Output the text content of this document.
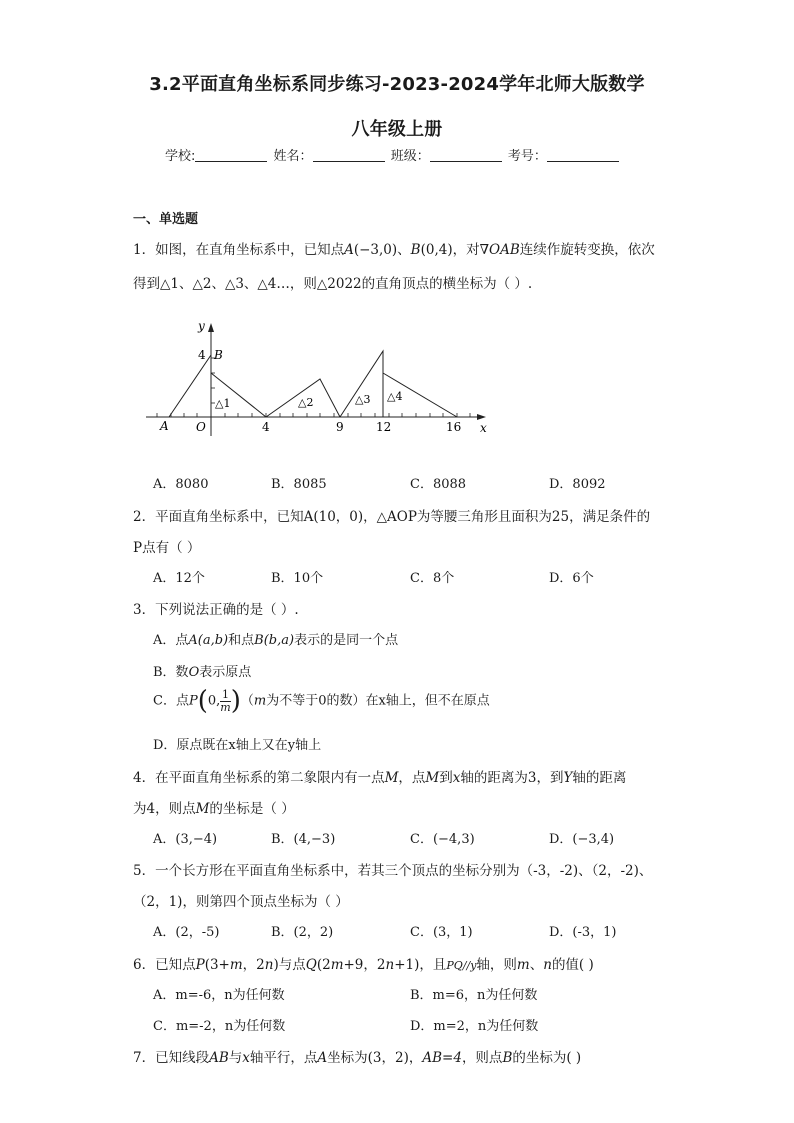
3.2平面直角坐标系同步练习-2023-2024学年北师大版数学
八年级上册
学校:	姓名：	班级：	考号：
一、单选题
1．如图，在直角坐标系中，已知点A(−3,0)、B(0,4)，对∇OAB连续作旋转变换，依次
得到△1、△2、△3、△4…，则△2022的直角顶点的横坐标为（ ）.
y
x
O
A
B
4
4	9	12	16
△1	△2	△3 △4
A．8080	B．8085	C．8088	D．8092
2．平面直角坐标系中，已知A(10，0)，△AOP为等腰三角形且面积为25，满足条件的
P点有（ ）
A．12个	B．10个	C．8个	D．6个
3．下列说法正确的是（ ）.
A．点A(a,b)和点B(b,a)表示的是同一个点
B．数O表示原点
C．点P(0, $\frac{1}{m} )(m$为不等于0的数）在x轴上，但不在原点
D．原点既在x轴上又在y轴上
4．在平面直角坐标系的第二象限内有一点M，点M到x轴的距离为3，到Y轴的距离
为4，则点M的坐标是（ ）
A．(3,−4)	B．(4,−3)	C．(−4,3)	D．(−3,4)
5．一个长方形在平面直角坐标系中，若其三个顶点的坐标分别为（-3，-2)、（2，-2)、
（2，1)，则第四个顶点坐标为（ ）
A．(2，-5)	B．(2，2)	C．(3，1)	D．(-3，1)
6．已知点P(3+m，2n)与点Q(2m+9，2n+1)，且PQ//y轴，则m、n的值( )
A．m=-6，n为任何数	B．m=6，n为任何数
C．m=-2，n为任何数	D．m=2，n为任何数
7．已知线段AB与x轴平行，点A坐标为(3，2)，AB=4，则点B的坐标为( )
